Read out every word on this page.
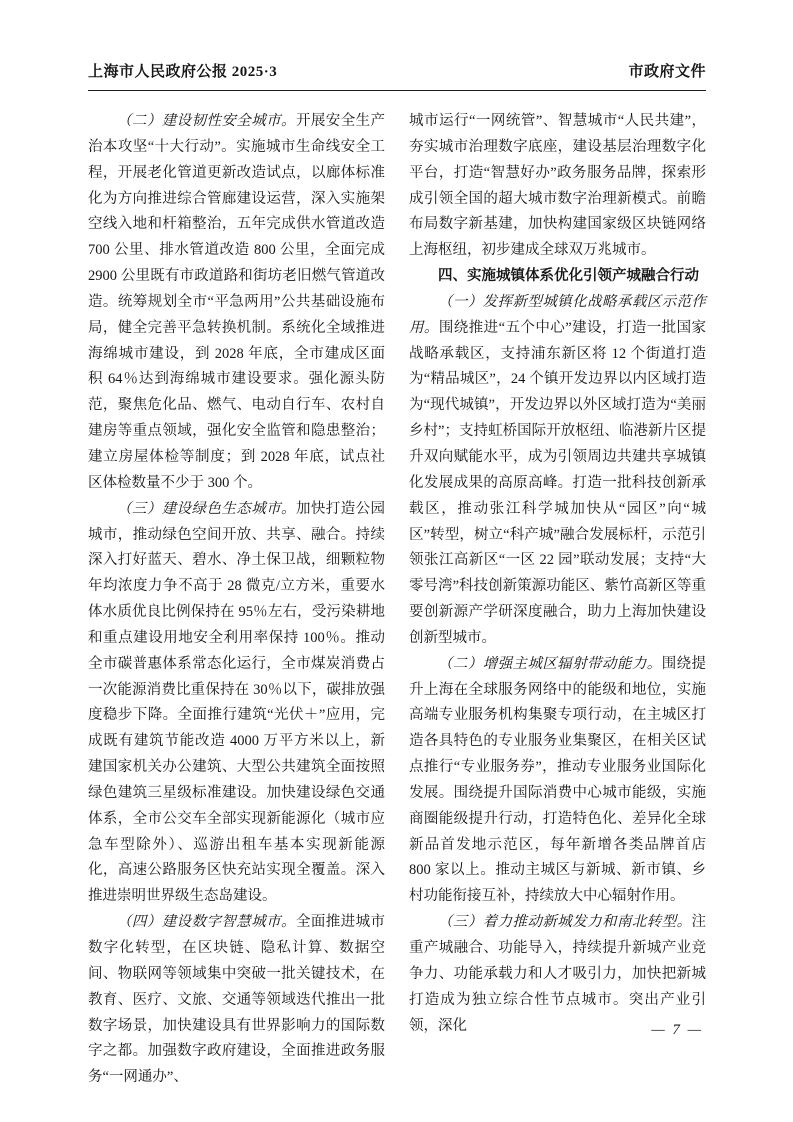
上海市人民政府公报 2025·3	市政府文件

（二）建设韧性安全城市。开展安全生产治本攻坚“十大行动”。实施城市生命线安全工程，开展老化管道更新改造试点，以廊体标准化为方向推进综合管廊建设运营，深入实施架空线入地和杆箱整治，五年完成供水管道改造 700 公里、排水管道改造 800 公里，全面完成 2900 公里既有市政道路和街坊老旧燃气管道改造。统筹规划全市“平急两用”公共基础设施布局，健全完善平急转换机制。系统化全域推进海绵城市建设，到 2028 年底，全市建成区面积 64％达到海绵城市建设要求。强化源头防范，聚焦危化品、燃气、电动自行车、农村自建房等重点领域，强化安全监管和隐患整治；建立房屋体检等制度；到 2028 年底，试点社区体检数量不少于 300 个。

（三）建设绿色生态城市。加快打造公园城市，推动绿色空间开放、共享、融合。持续深入打好蓝天、碧水、净土保卫战，细颗粒物年均浓度力争不高于 28 微克/立方米，重要水体水质优良比例保持在 95％左右，受污染耕地和重点建设用地安全利用率保持 100％。推动全市碳普惠体系常态化运行，全市煤炭消费占一次能源消费比重保持在 30％以下，碳排放强度稳步下降。全面推行建筑“光伏＋”应用，完成既有建筑节能改造 4000 万平方米以上，新建国家机关办公建筑、大型公共建筑全面按照绿色建筑三星级标准建设。加快建设绿色交通体系，全市公交车全部实现新能源化（城市应急车型除外）、巡游出租车基本实现新能源化，高速公路服务区快充站实现全覆盖。深入推进崇明世界级生态岛建设。

（四）建设数字智慧城市。全面推进城市数字化转型，在区块链、隐私计算、数据空间、物联网等领域集中突破一批关键技术，在教育、医疗、文旅、交通等领域迭代推出一批数字场景，加快建设具有世界影响力的国际数字之都。加强数字政府建设，全面推进政务服务“一网通办”、

城市运行“一网统管”、智慧城市“人民共建”，夯实城市治理数字底座，建设基层治理数字化平台，打造“智慧好办”政务服务品牌，探索形成引领全国的超大城市数字治理新模式。前瞻布局数字新基建，加快构建国家级区块链网络上海枢纽，初步建成全球双万兆城市。

四、实施城镇体系优化引领产城融合行动

（一）发挥新型城镇化战略承载区示范作用。围绕推进“五个中心”建设，打造一批国家战略承载区，支持浦东新区将 12 个街道打造为“精品城区”，24 个镇开发边界以内区域打造为“现代城镇”，开发边界以外区域打造为“美丽乡村”；支持虹桥国际开放枢纽、临港新片区提升双向赋能水平，成为引领周边共建共享城镇化发展成果的高原高峰。打造一批科技创新承载区，推动张江科学城加快从“园区”向“城区”转型，树立“科产城”融合发展标杆，示范引领张江高新区“一区 22 园”联动发展；支持“大零号湾”科技创新策源功能区、紫竹高新区等重要创新源产学研深度融合，助力上海加快建设创新型城市。

（二）增强主城区辐射带动能力。围绕提升上海在全球服务网络中的能级和地位，实施高端专业服务机构集聚专项行动，在主城区打造各具特色的专业服务业集聚区，在相关区试点推行“专业服务券”，推动专业服务业国际化发展。围绕提升国际消费中心城市能级，实施商圈能级提升行动，打造特色化、差异化全球新品首发地示范区，每年新增各类品牌首店 800 家以上。推动主城区与新城、新市镇、乡村功能衔接互补，持续放大中心辐射作用。

（三）着力推动新城发力和南北转型。注重产城融合、功能导入，持续提升新城产业竞争力、功能承载力和人才吸引力，加快把新城打造成为独立综合性节点城市。突出产业引领，深化	— 7 —
